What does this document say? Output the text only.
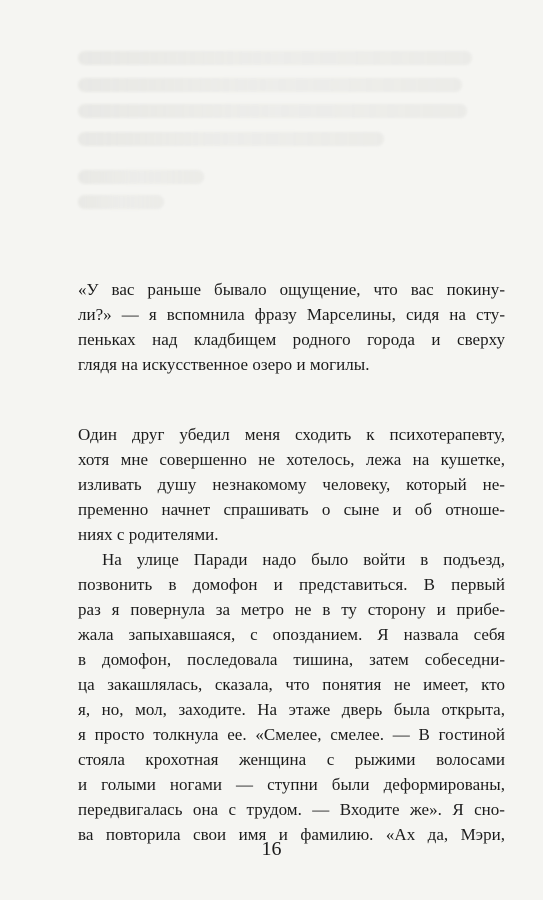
«У вас раньше бывало ощущение, что вас покину-
ли?» — я вспомнила фразу Марселины, сидя на сту-
пеньках над кладбищем родного города и сверху
глядя на искусственное озеро и могилы.
Один друг убедил меня сходить к психотерапевту,
хотя мне совершенно не хотелось, лежа на кушетке,
изливать душу незнакомому человеку, который не-
пременно начнет спрашивать о сыне и об отноше-
ниях с родителями.
На улице Паради надо было войти в подъезд,
позвонить в домофон и представиться. В первый
раз я повернула за метро не в ту сторону и прибе-
жала запыхавшаяся, с опозданием. Я назвала себя
в домофон, последовала тишина, затем собеседни-
ца закашлялась, сказала, что понятия не имеет, кто
я, но, мол, заходите. На этаже дверь была открыта,
я просто толкнула ее. «Смелее, смелее. — В гостиной
стояла крохотная женщина с рыжими волосами
и голыми ногами — ступни были деформированы,
передвигалась она с трудом. — Входите же». Я сно-
ва повторила свои имя и фамилию. «Ах да, Мэри,
16
